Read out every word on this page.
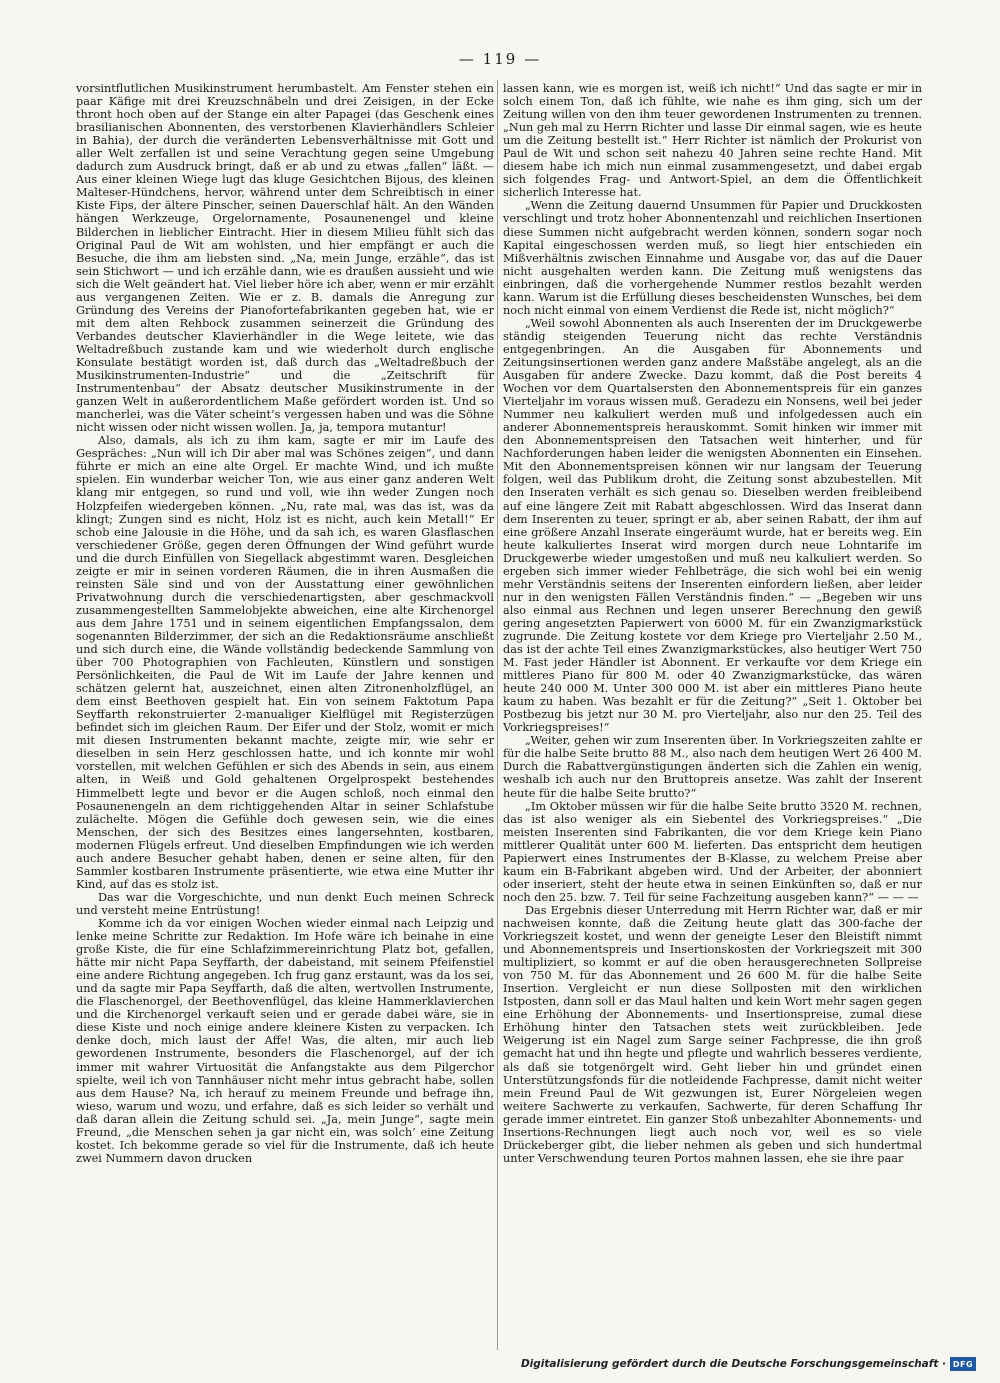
— 119 —

vorsintflutlichen Musikinstrument herumbastelt. Am Fenster stehen ein paar Käfige mit drei Kreuzschnäbeln und drei Zeisigen, in der Ecke thront hoch oben auf der Stange ein alter Papagei (das Geschenk eines brasilianischen Abonnenten, des verstorbenen Klavierhändlers Schleier in Bahia), der durch die veränderten Lebensverhältnisse mit Gott und aller Welt zerfallen ist und seine Verachtung gegen seine Umgebung dadurch zum Ausdruck bringt, daß er ab und zu etwas „fallen“ läßt. — Aus einer kleinen Wiege lugt das kluge Gesichtchen Bijous, des kleinen Malteser-Hündchens, hervor, während unter dem Schreibtisch in einer Kiste Fips, der ältere Pinscher, seinen Dauerschlaf hält. An den Wänden hängen Werkzeuge, Orgelornamente, Posaunenengel und kleine Bilderchen in lieblicher Eintracht. Hier in diesem Milieu fühlt sich das Original Paul de Wit am wohlsten, und hier empfängt er auch die Besuche, die ihm am liebsten sind. „Na, mein Junge, erzähle“, das ist sein Stichwort — und ich erzähle dann, wie es draußen aussieht und wie sich die Welt geändert hat. Viel lieber höre ich aber, wenn er mir erzählt aus vergangenen Zeiten. Wie er z. B. damals die Anregung zur Gründung des Vereins der Pianofortefabrikanten gegeben hat, wie er mit dem alten Rehbock zusammen seinerzeit die Gründung des Verbandes deutscher Klavierhändler in die Wege leitete, wie das Weltadreßbuch zustande kam und wie wiederholt durch englische Konsulate bestätigt worden ist, daß durch das „Weltadreßbuch der Musikinstrumenten-Industrie“ und die „Zeitschrift für Instrumentenbau“ der Absatz deutscher Musikinstrumente in der ganzen Welt in außerordentlichem Maße gefördert worden ist. Und so mancherlei, was die Väter scheint’s vergessen haben und was die Söhne nicht wissen oder nicht wissen wollen. Ja, ja, tempora mutantur!

Also, damals, als ich zu ihm kam, sagte er mir im Laufe des Gespräches: „Nun will ich Dir aber mal was Schönes zeigen“, und dann führte er mich an eine alte Orgel. Er machte Wind, und ich mußte spielen. Ein wunderbar weicher Ton, wie aus einer ganz anderen Welt klang mir entgegen, so rund und voll, wie ihn weder Zungen noch Holzpfeifen wiedergeben können. „Nu, rate mal, was das ist, was da klingt; Zungen sind es nicht, Holz ist es nicht, auch kein Metall!“ Er schob eine Jalousie in die Höhe, und da sah ich, es waren Glasflaschen verschiedener Größe, gegen deren Öffnungen der Wind geführt wurde und die durch Einfüllen von Siegellack abgestimmt waren. Desgleichen zeigte er mir in seinen vorderen Räumen, die in ihren Ausmaßen die reinsten Säle sind und von der Ausstattung einer gewöhnlichen Privatwohnung durch die verschiedenartigsten, aber geschmackvoll zusammengestellten Sammelobjekte abweichen, eine alte Kirchenorgel aus dem Jahre 1751 und in seinem eigentlichen Empfangssalon, dem sogenannten Bilderzimmer, der sich an die Redaktionsräume anschließt und sich durch eine, die Wände vollständig bedeckende Sammlung von über 700 Photographien von Fachleuten, Künstlern und sonstigen Persönlichkeiten, die Paul de Wit im Laufe der Jahre kennen und schätzen gelernt hat, auszeichnet, einen alten Zitronenholzflügel, an dem einst Beethoven gespielt hat. Ein von seinem Faktotum Papa Seyffarth rekonstruierter 2-manualiger Kielflügel mit Registerzügen befindet sich im gleichen Raum. Der Eifer und der Stolz, womit er mich mit diesen Instrumenten bekannt machte, zeigte mir, wie sehr er dieselben in sein Herz geschlossen hatte, und ich konnte mir wohl vorstellen, mit welchen Gefühlen er sich des Abends in sein, aus einem alten, in Weiß und Gold gehaltenen Orgelprospekt bestehendes Himmelbett legte und bevor er die Augen schloß, noch einmal den Posaunenengeln an dem richtiggehenden Altar in seiner Schlafstube zulächelte. Mögen die Gefühle doch gewesen sein, wie die eines Menschen, der sich des Besitzes eines langersehnten, kostbaren, modernen Flügels erfreut. Und dieselben Empfindungen wie ich werden auch andere Besucher gehabt haben, denen er seine alten, für den Sammler kostbaren Instrumente präsentierte, wie etwa eine Mutter ihr Kind, auf das es stolz ist.

Das war die Vorgeschichte, und nun denkt Euch meinen Schreck und versteht meine Entrüstung!

Komme ich da vor einigen Wochen wieder einmal nach Leipzig und lenke meine Schritte zur Redaktion. Im Hofe wäre ich beinahe in eine große Kiste, die für eine Schlafzimmereinrichtung Platz bot, gefallen, hätte mir nicht Papa Seyffarth, der dabeistand, mit seinem Pfeifenstiel eine andere Richtung angegeben. Ich frug ganz erstaunt, was da los sei, und da sagte mir Papa Seyffarth, daß die alten, wertvollen Instrumente, die Flaschenorgel, der Beethovenflügel, das kleine Hammerklavierchen und die Kirchenorgel verkauft seien und er gerade dabei wäre, sie in diese Kiste und noch einige andere kleinere Kisten zu verpacken. Ich denke doch, mich laust der Affe! Was, die alten, mir auch lieb gewordenen Instrumente, besonders die Flaschenorgel, auf der ich immer mit wahrer Virtuosität die Anfangstakte aus dem Pilgerchor spielte, weil ich von Tannhäuser nicht mehr intus gebracht habe, sollen aus dem Hause? Na, ich herauf zu meinem Freunde und befrage ihn, wieso, warum und wozu, und erfahre, daß es sich leider so verhält und daß daran allein die Zeitung schuld sei. „Ja, mein Junge“, sagte mein Freund, „die Menschen sehen ja gar nicht ein, was solch’ eine Zeitung kostet. Ich bekomme gerade so viel für die Instrumente, daß ich heute zwei Nummern davon drucken

lassen kann, wie es morgen ist, weiß ich nicht!“ Und das sagte er mir in solch einem Ton, daß ich fühlte, wie nahe es ihm ging, sich um der Zeitung willen von den ihm teuer gewordenen Instrumenten zu trennen. „Nun geh mal zu Herrn Richter und lasse Dir einmal sagen, wie es heute um die Zeitung bestellt ist.“ Herr Richter ist nämlich der Prokurist von Paul de Wit und schon seit nahezu 40 Jahren seine rechte Hand. Mit diesem habe ich mich nun einmal zusammengesetzt, und dabei ergab sich folgendes Frag- und Antwort-Spiel, an dem die Öffentlichkeit sicherlich Interesse hat.

„Wenn die Zeitung dauernd Unsummen für Papier und Druckkosten verschlingt und trotz hoher Abonnentenzahl und reichlichen Insertionen diese Summen nicht aufgebracht werden können, sondern sogar noch Kapital eingeschossen werden muß, so liegt hier entschieden ein Mißverhältnis zwischen Einnahme und Ausgabe vor, das auf die Dauer nicht ausgehalten werden kann. Die Zeitung muß wenigstens das einbringen, daß die vorhergehende Nummer restlos bezahlt werden kann. Warum ist die Erfüllung dieses bescheidensten Wunsches, bei dem noch nicht einmal von einem Verdienst die Rede ist, nicht möglich?“

„Weil sowohl Abonnenten als auch Inserenten der im Druckgewerbe ständig steigenden Teuerung nicht das rechte Verständnis entgegenbringen. An die Ausgaben für Abonnements und Zeitungsinsertionen werden ganz andere Maßstäbe angelegt, als an die Ausgaben für andere Zwecke. Dazu kommt, daß die Post bereits 4 Wochen vor dem Quartalsersten den Abonnementspreis für ein ganzes Vierteljahr im voraus wissen muß. Geradezu ein Nonsens, weil bei jeder Nummer neu kalkuliert werden muß und infolgedessen auch ein anderer Abonnementspreis herauskommt. Somit hinken wir immer mit den Abonnementspreisen den Tatsachen weit hinterher, und für Nachforderungen haben leider die wenigsten Abonnenten ein Einsehen. Mit den Abonnementspreisen können wir nur langsam der Teuerung folgen, weil das Publikum droht, die Zeitung sonst abzubestellen. Mit den Inseraten verhält es sich genau so. Dieselben werden freibleibend auf eine längere Zeit mit Rabatt abgeschlossen. Wird das Inserat dann dem Inserenten zu teuer, springt er ab, aber seinen Rabatt, der ihm auf eine größere Anzahl Inserate eingeräumt wurde, hat er bereits weg. Ein heute kalkuliertes Inserat wird morgen durch neue Lohntarife im Druckgewerbe wieder umgestoßen und muß neu kalkuliert werden. So ergeben sich immer wieder Fehlbeträge, die sich wohl bei ein wenig mehr Verständnis seitens der Inserenten einfordern ließen, aber leider nur in den wenigsten Fällen Verständnis finden.“ — „Begeben wir uns also einmal aus Rechnen und legen unserer Berechnung den gewiß gering angesetzten Papierwert von 6000 M. für ein Zwanzigmarkstück zugrunde. Die Zeitung kostete vor dem Kriege pro Vierteljahr 2.50 M., das ist der achte Teil eines Zwanzigmarkstückes, also heutiger Wert 750 M. Fast jeder Händler ist Abonnent. Er verkaufte vor dem Kriege ein mittleres Piano für 800 M. oder 40 Zwanzigmarkstücke, das wären heute 240 000 M. Unter 300 000 M. ist aber ein mittleres Piano heute kaum zu haben. Was bezahlt er für die Zeitung?“ „Seit 1. Oktober bei Postbezug bis jetzt nur 30 M. pro Vierteljahr, also nur den 25. Teil des Vorkriegspreises!“

„Weiter, gehen wir zum Inserenten über. In Vorkriegszeiten zahlte er für die halbe Seite brutto 88 M., also nach dem heutigen Wert 26 400 M. Durch die Rabattvergünstigungen änderten sich die Zahlen ein wenig, weshalb ich auch nur den Bruttopreis ansetze. Was zahlt der Inserent heute für die halbe Seite brutto?“

„Im Oktober müssen wir für die halbe Seite brutto 3520 M. rechnen, das ist also weniger als ein Siebentel des Vorkriegspreises.“ „Die meisten Inserenten sind Fabrikanten, die vor dem Kriege kein Piano mittlerer Qualität unter 600 M. lieferten. Das entspricht dem heutigen Papierwert eines Instrumentes der B-Klasse, zu welchem Preise aber kaum ein B-Fabrikant abgeben wird. Und der Arbeiter, der abonniert oder inseriert, steht der heute etwa in seinen Einkünften so, daß er nur noch den 25. bzw. 7. Teil für seine Fachzeitung ausgeben kann?“ — — —

Das Ergebnis dieser Unterredung mit Herrn Richter war, daß er mir nachweisen konnte, daß die Zeitung heute glatt das 300-fache der Vorkriegszeit kostet, und wenn der geneigte Leser den Bleistift nimmt und Abonnementspreis und Insertionskosten der Vorkriegszeit mit 300 multipliziert, so kommt er auf die oben herausgerechneten Sollpreise von 750 M. für das Abonnement und 26 600 M. für die halbe Seite Insertion. Vergleicht er nun diese Sollposten mit den wirklichen Istposten, dann soll er das Maul halten und kein Wort mehr sagen gegen eine Erhöhung der Abonnements- und Insertionspreise, zumal diese Erhöhung hinter den Tatsachen stets weit zurückbleiben. Jede Weigerung ist ein Nagel zum Sarge seiner Fachpresse, die ihn groß gemacht hat und ihn hegte und pflegte und wahrlich besseres verdiente, als daß sie totgenörgelt wird. Geht lieber hin und gründet einen Unterstützungsfonds für die notleidende Fachpresse, damit nicht weiter mein Freund Paul de Wit gezwungen ist, Eurer Nörgeleien wegen weitere Sachwerte zu verkaufen, Sachwerte, für deren Schaffung Ihr gerade immer eintretet. Ein ganzer Stoß unbezahlter Abonnements- und Insertions-Rechnungen liegt auch noch vor, weil es so viele Drückeberger gibt, die lieber nehmen als geben und sich hundertmal unter Verschwendung teuren Portos mahnen lassen, ehe sie ihre paar

Digitalisierung gefördert durch die Deutsche Forschungsgemeinschaft · DFG
